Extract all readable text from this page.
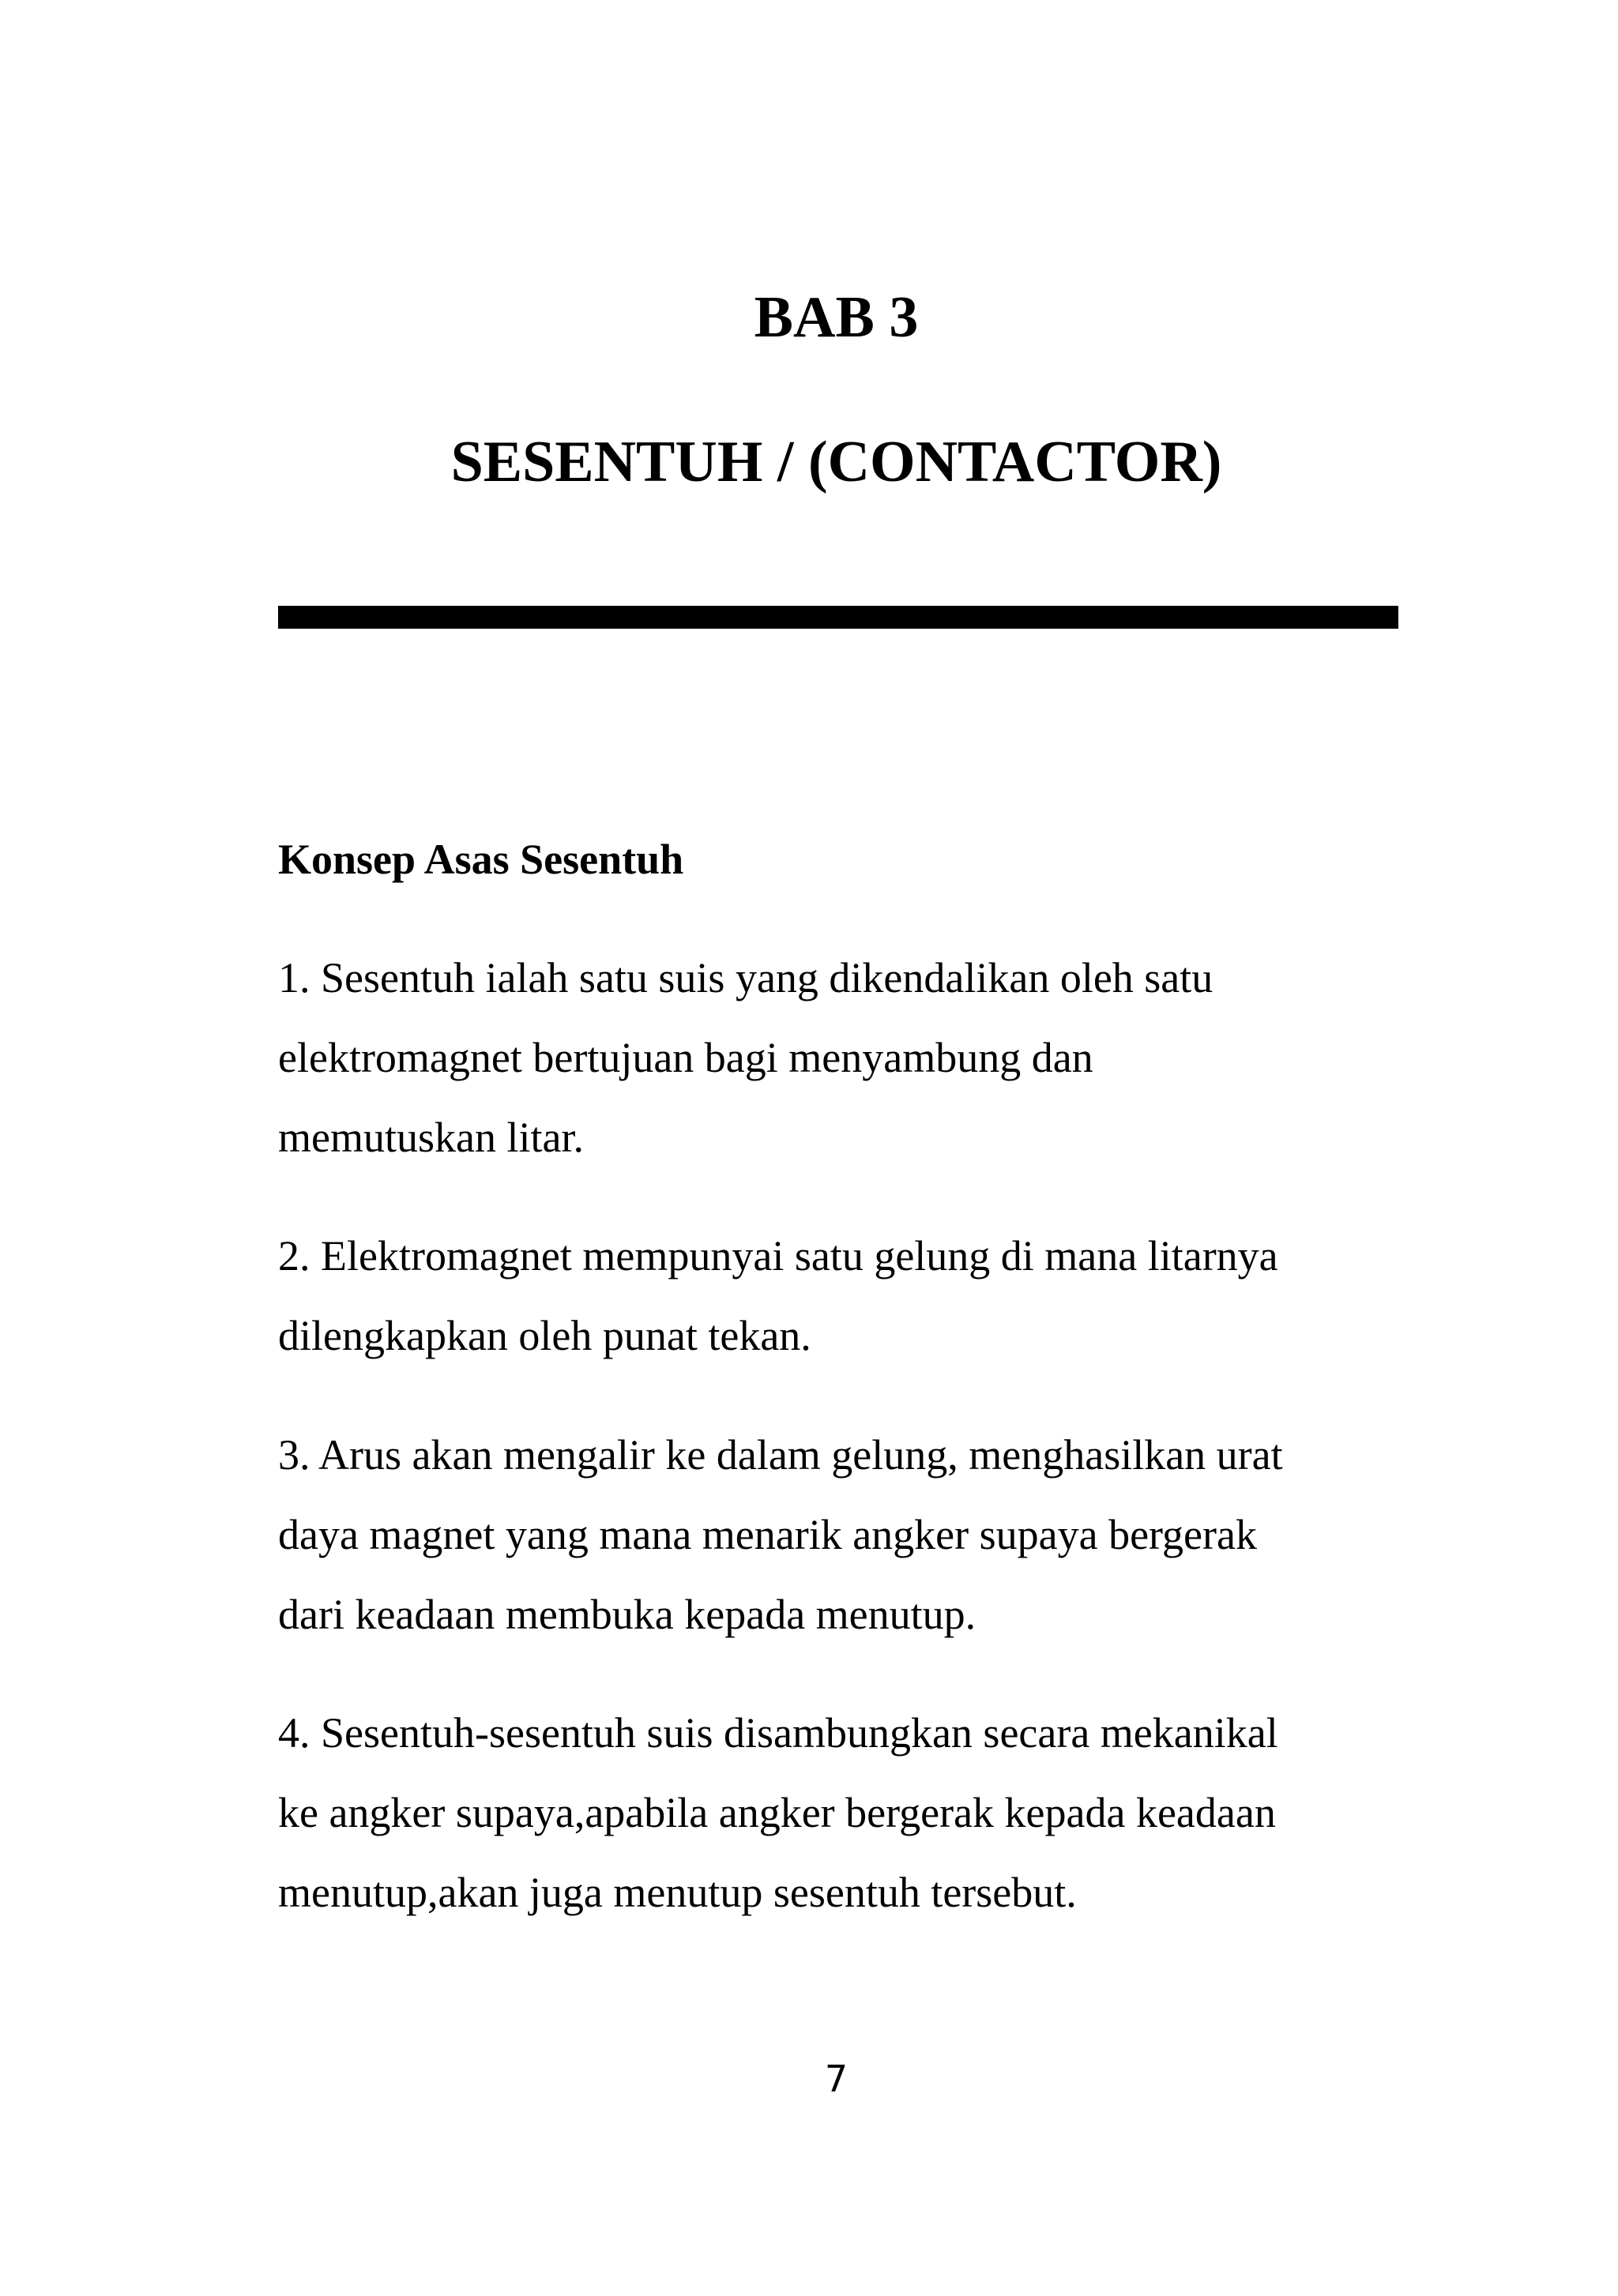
BAB 3
SESENTUH / (CONTACTOR)
Konsep Asas Sesentuh

1. Sesentuh ialah satu suis yang dikendalikan oleh satu
elektromagnet bertujuan bagi menyambung dan
memutuskan litar.

2. Elektromagnet mempunyai satu gelung di mana litarnya
dilengkapkan oleh punat tekan.

3. Arus akan mengalir ke dalam gelung, menghasilkan urat
daya magnet yang mana menarik angker supaya bergerak
dari keadaan membuka kepada menutup.

4. Sesentuh-sesentuh suis disambungkan secara mekanikal
ke angker supaya,apabila angker bergerak kepada keadaan
menutup,akan juga menutup sesentuh tersebut.

7
